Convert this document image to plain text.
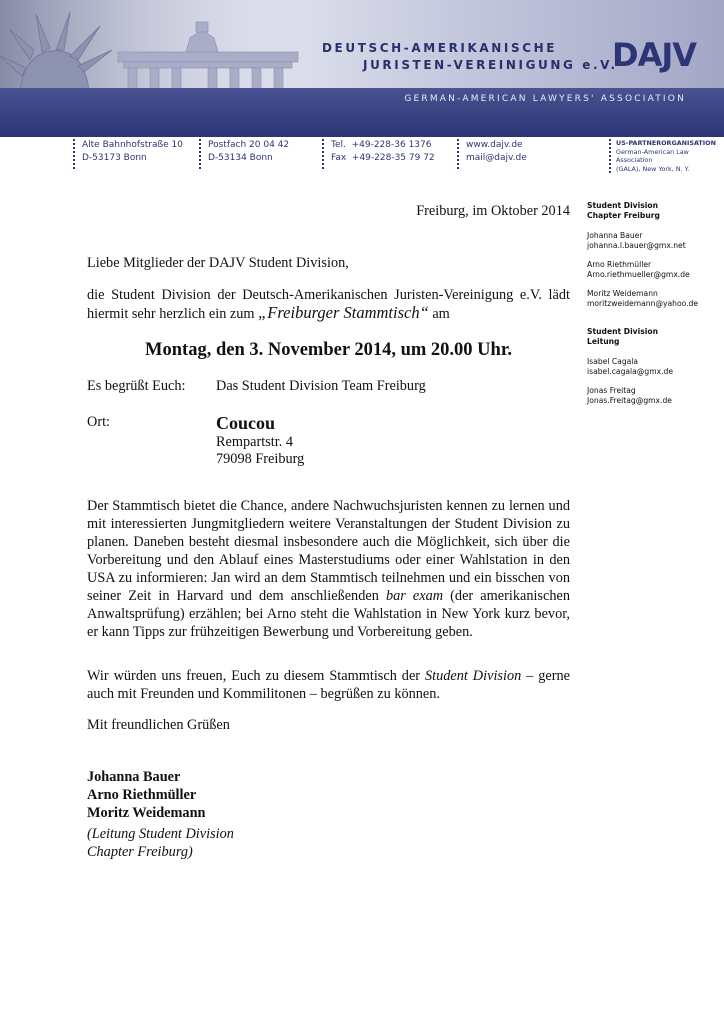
DEUTSCH-AMERIKANISCHE
JURISTEN-VEREINIGUNG e.V.
DAJV
GERMAN-AMERICAN LAWYERS' ASSOCIATION
Alte Bahnhofstraße 10
D-53173 Bonn
Postfach 20 04 42
D-53134 Bonn
Tel.  +49-228-36 1376
Fax  +49-228-35 79 72
www.dajv.de
mail@dajv.de
US-PARTNERORGANISATION
German-American Law Association
(GALA), New York, N. Y.
Student Division
Chapter Freiburg
Johanna Bauer
johanna.l.bauer@gmx.net
Arno Riethmüller
Arno.riethmueller@gmx.de
Moritz Weidemann
moritzweidemann@yahoo.de
Student Division
Leitung
Isabel Cagala
isabel.cagala@gmx.de
Jonas Freitag
Jonas.Freitag@gmx.de
Freiburg, im Oktober 2014
Liebe Mitglieder der DAJV Student Division,
die Student Division der Deutsch-Amerikanischen Juristen-Vereinigung e.V. lädt hiermit sehr herzlich ein zum „Freiburger Stammtisch“ am
Montag, den 3. November 2014, um 20.00 Uhr.
Es begrüßt Euch: Das Student Division Team Freiburg
Ort:	Coucou
Rempartstr. 4
79098 Freiburg
Der Stammtisch bietet die Chance, andere Nachwuchsjuristen kennen zu lernen und mit interessierten Jungmitgliedern weitere Veranstaltungen der Student Division zu planen. Daneben besteht diesmal insbesondere auch die Möglichkeit, sich über die Vorbereitung und den Ablauf eines Masterstudiums oder einer Wahlstation in den USA zu informieren: Jan wird an dem Stammtisch teilnehmen und ein bisschen von seiner Zeit in Harvard und dem anschließenden bar exam (der amerikanischen Anwaltsprüfung) erzählen; bei Arno steht die Wahlstation in New York kurz bevor, er kann Tipps zur frühzeitigen Bewerbung und Vorbereitung geben.
Wir würden uns freuen, Euch zu diesem Stammtisch der Student Division – gerne auch mit Freunden und Kommilitonen – begrüßen zu können.
Mit freundlichen Grüßen
Johanna Bauer
Arno Riethmüller
Moritz Weidemann
(Leitung Student Division
Chapter Freiburg)
